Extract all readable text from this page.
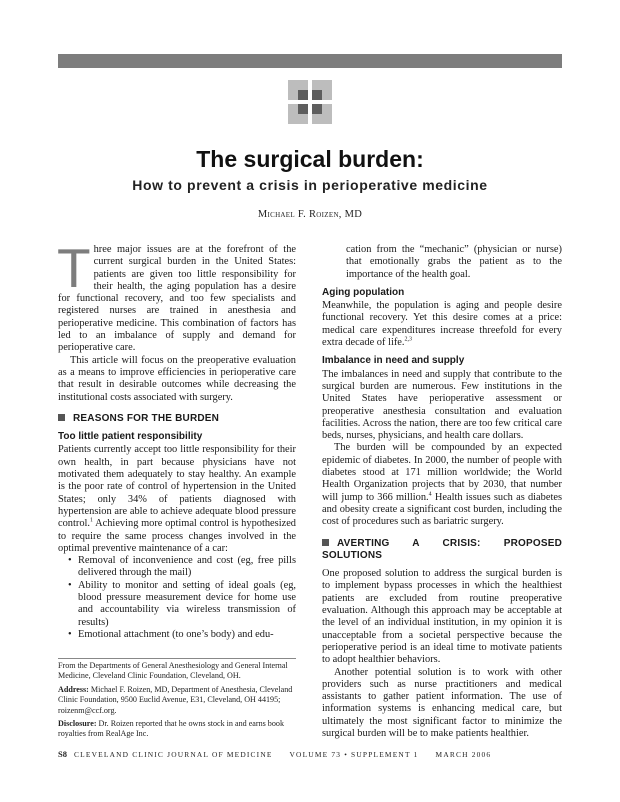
The surgical burden:
How to prevent a crisis in perioperative medicine
Michael F. Roizen, MD

Three major issues are at the forefront of the current surgical burden in the United States: patients are given too little responsibility for their health, the aging population has a desire for functional recovery, and too few specialists and registered nurses are trained in anesthesia and perioperative medicine. This combination of factors has led to an imbalance of supply and demand for perioperative care.

This article will focus on the preoperative evaluation as a means to improve efficiencies in perioperative care that result in desirable outcomes while decreasing the institutional costs associated with surgery.

REASONS FOR THE BURDEN
Too little patient responsibility

Patients currently accept too little responsibility for their own health, in part because physicians have not motivated them adequately to stay healthy. An example is the poor rate of control of hypertension in the United States; only 34% of patients diagnosed with hypertension are able to achieve adequate blood pressure control.$^1$ Achieving more optimal control is hypothesized to require the same process changes involved in the optimal preventive maintenance of a car:

• Removal of inconvenience and cost (eg, free pills delivered through the mail)
• Ability to monitor and setting of ideal goals (eg, blood pressure measurement device for home use and accountability via wireless transmission of results)
• Emotional attachment (to one’s body) and edu-

cation from the “mechanic” (physician or nurse) that emotionally grabs the patient as to the importance of the health goal.

Aging population

Meanwhile, the population is aging and people desire functional recovery. Yet this desire comes at a price: medical care expenditures increase threefold for every extra decade of life.$^{2,3}$

Imbalance in need and supply

The imbalances in need and supply that contribute to the surgical burden are numerous. Few institutions in the United States have perioperative assessment or preoperative anesthesia consultation and evaluation facilities. Across the nation, there are too few critical care beds, nurses, physicians, and health care dollars.

The burden will be compounded by an expected epidemic of diabetes. In 2000, the number of people with diabetes stood at 171 million worldwide; the World Health Organization projects that by 2030, that number will jump to 366 million.$^4$ Health issues such as diabetes and obesity create a significant cost burden, including the cost of procedures such as bariatric surgery.

AVERTING A CRISIS: PROPOSED SOLUTIONS

One proposed solution to address the surgical burden is to implement bypass processes in which the healthiest patients are excluded from routine preoperative evaluation. Although this approach may be acceptable at the level of an individual institution, in my opinion it is unacceptable from a societal perspective because the perioperative period is an ideal time to motivate patients to adopt healthier behaviors.

Another potential solution is to work with other providers such as nurse practitioners and medical assistants to gather patient information. The use of information systems is enhancing medical care, but ultimately the most significant factor to minimize the surgical burden will be to make patients healthier.

From the Departments of General Anesthesiology and General Internal Medicine, Cleveland Clinic Foundation, Cleveland, OH.

Address: Michael F. Roizen, MD, Department of Anesthesia, Cleveland Clinic Foundation, 9500 Euclid Avenue, E31, Cleveland, OH 44195; roizenm@ccf.org.

Disclosure: Dr. Roizen reported that he owns stock in and earns book royalties from RealAge Inc.

S8 CLEVELAND CLINIC JOURNAL OF MEDICINE VOLUME 73 • SUPPLEMENT 1 MARCH 2006
